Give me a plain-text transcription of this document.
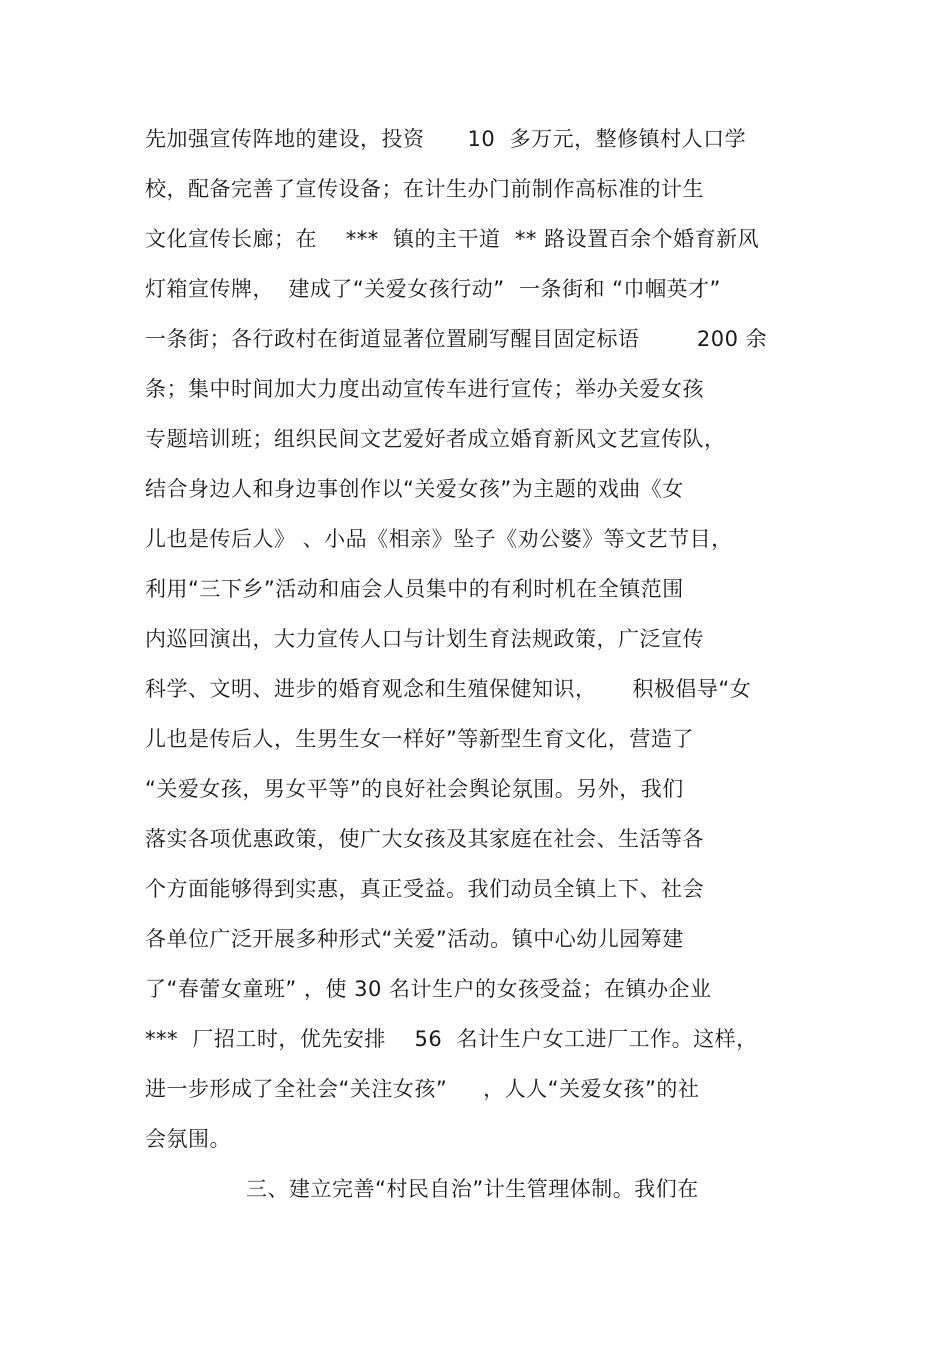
先加强宣传阵地的建设，投资      10  多万元，整修镇村人口学

校，配备完善了宣传设备；在计生办门前制作高标准的计生

文化宣传长廊；在    ***  镇的主干道  ** 路设置百余个婚育新风

灯箱宣传牌，  建成了“关爱女孩行动”  一条街和 “巾帼英才”

一条街；各行政村在街道显著位置刷写醒目固定标语        200 余

条；集中时间加大力度出动宣传车进行宣传；举办关爱女孩

专题培训班；组织民间文艺爱好者成立婚育新风文艺宣传队，

结合身边人和身边事创作以“关爱女孩”为主题的戏曲《女

儿也是传后人》 、小品《相亲》坠子《劝公婆》等文艺节目，

利用“三下乡”活动和庙会人员集中的有利时机在全镇范围

内巡回演出，大力宣传人口与计划生育法规政策，广泛宣传

科学、文明、进步的婚育观念和生殖保健知识，     积极倡导“女

儿也是传后人，生男生女一样好”等新型生育文化，营造了

“关爱女孩，男女平等”的良好社会舆论氛围。另外，我们

落实各项优惠政策，使广大女孩及其家庭在社会、生活等各

个方面能够得到实惠，真正受益。我们动员全镇上下、社会

各单位广泛开展多种形式“关爱”活动。镇中心幼儿园筹建

了“春蕾女童班” ，使 30 名计生户的女孩受益；在镇办企业

***  厂招工时，优先安排    56  名计生户女工进厂工作。这样，

进一步形成了全社会“关注女孩”     ，人人“关爱女孩”的社

会氛围。

三、建立完善“村民自治”计生管理体制。我们在
